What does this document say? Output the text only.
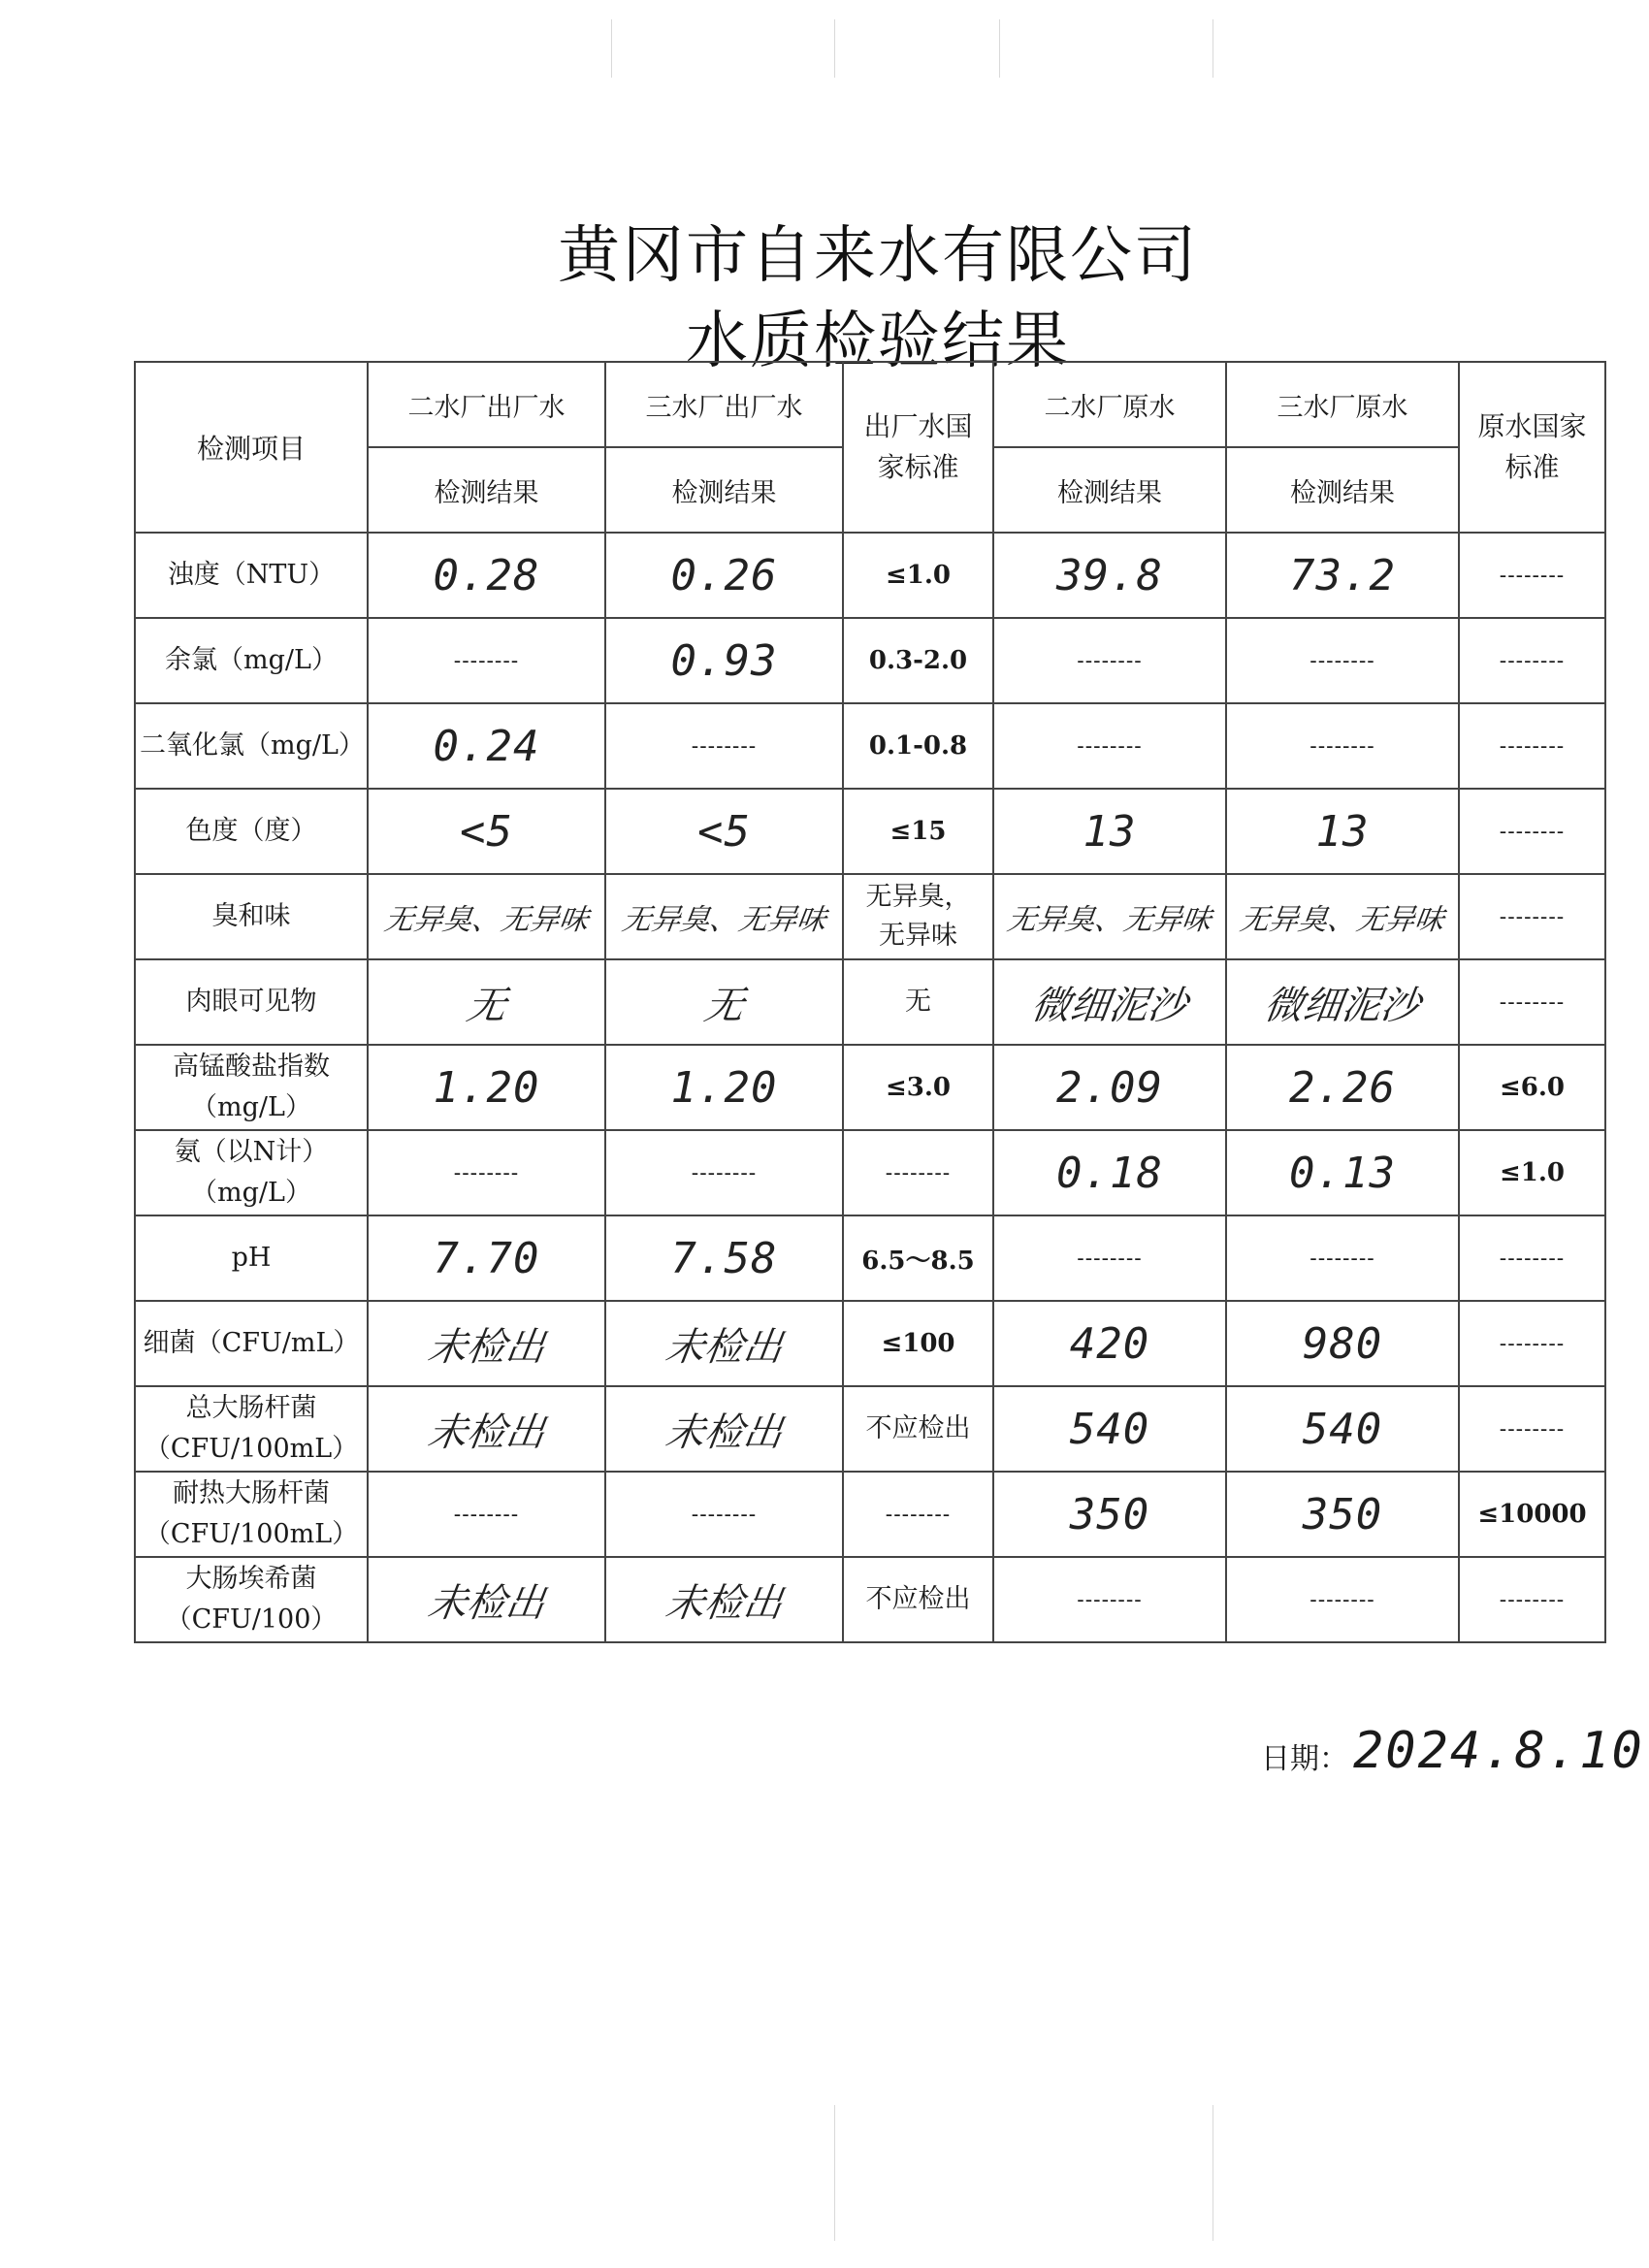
黄冈市自来水有限公司
水质检验结果
检测项目	二水厂出厂水	三水厂出厂水	出厂水国家标准	二水厂原水	三水厂原水	原水国家标准
	检测结果	检测结果		检测结果	检测结果	
浊度（NTU）	0.28	0.26	≤1.0	39.8	73.2	--------
余氯（mg/L）	--------	0.93	0.3-2.0	--------	--------	--------
二氧化氯（mg/L）	0.24	--------	0.1-0.8	--------	--------	--------
色度（度）	<5	<5	≤15	13	13	--------
臭和味	无异臭、无异味	无异臭、无异味	无异臭，无异味	无异臭、无异味	无异臭、无异味	--------
肉眼可见物	无	无	无	微细泥沙	微细泥沙	--------
高锰酸盐指数（mg/L）	1.20	1.20	≤3.0	2.09	2.26	≤6.0
氨（以N计）（mg/L）	--------	--------	--------	0.18	0.13	≤1.0
pH	7.70	7.58	6.5～8.5	--------	--------	--------
细菌（CFU/mL）	未检出	未检出	≤100	420	980	--------
总大肠杆菌（CFU/100mL）	未检出	未检出	不应检出	540	540	--------
耐热大肠杆菌（CFU/100mL）	--------	--------	--------	350	350	≤10000
大肠埃希菌（CFU/100）	未检出	未检出	不应检出	--------	--------	--------
日期： 2024.8.10
